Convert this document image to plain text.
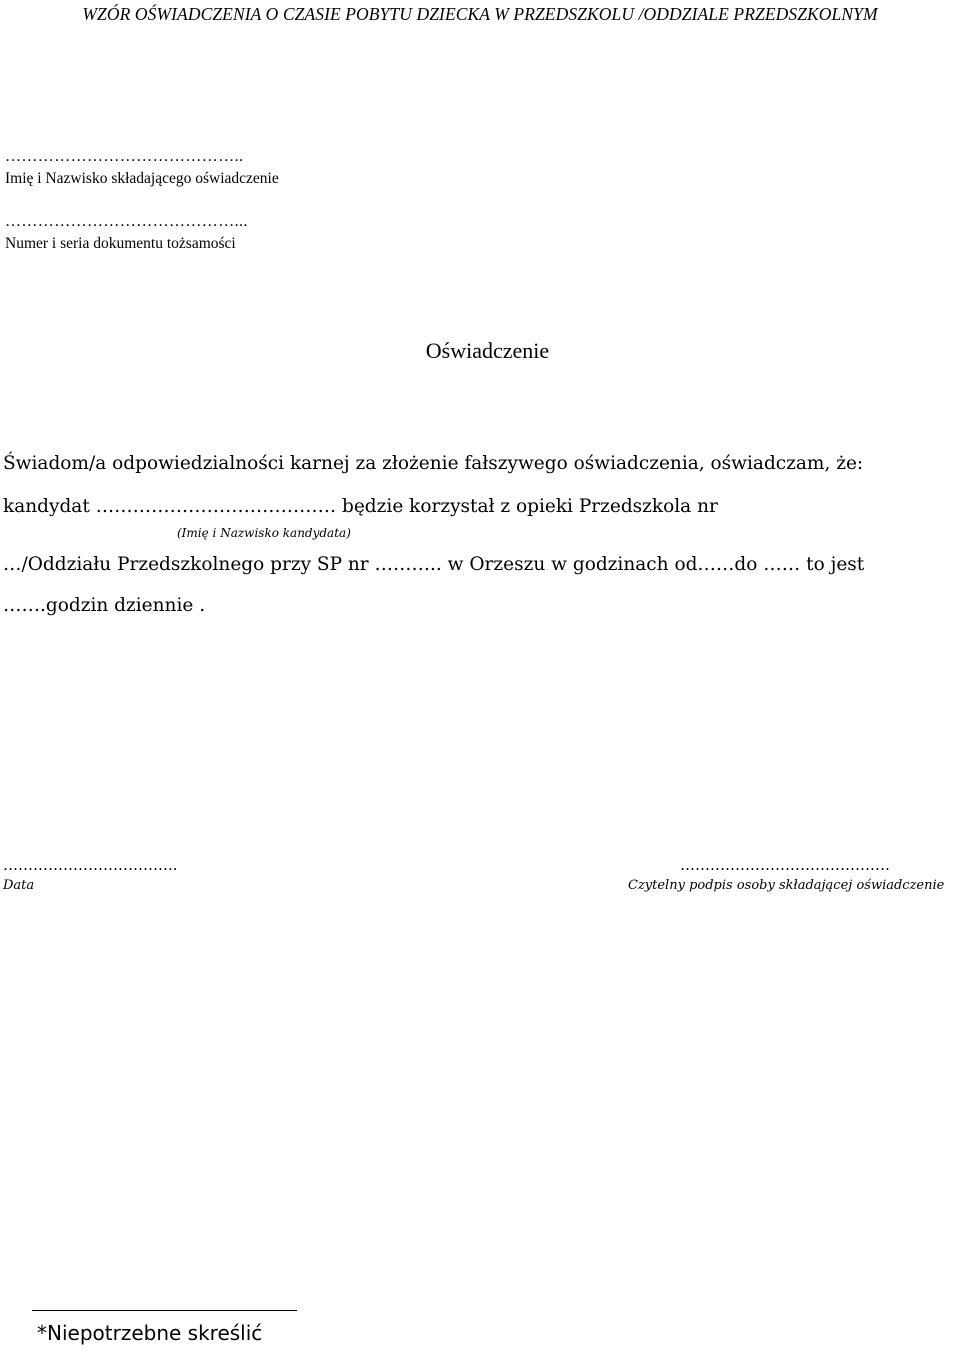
WZÓR OŚWIADCZENIA O CZASIE POBYTU DZIECKA W PRZEDSZKOLU /ODDZIALE PRZEDSZKOLNYM
……………………………………..
Imię i Nazwisko składającego oświadczenie
……………………………………...
Numer i seria dokumentu tożsamości
Oświadczenie
Świadom/a odpowiedzialności karnej za złożenie fałszywego oświadczenia, oświadczam, że:
kandydat ………………………………… będzie korzystał z opieki Przedszkola nr
(Imię i Nazwisko kandydata)
…/Oddziału Przedszkolnego przy SP nr ……….. w Orzeszu w godzinach od……do …… to jest
…….godzin dziennie .
……………………………..
Data
……………………………………
Czytelny podpis osoby składającej oświadczenie
*Niepotrzebne skreślić
